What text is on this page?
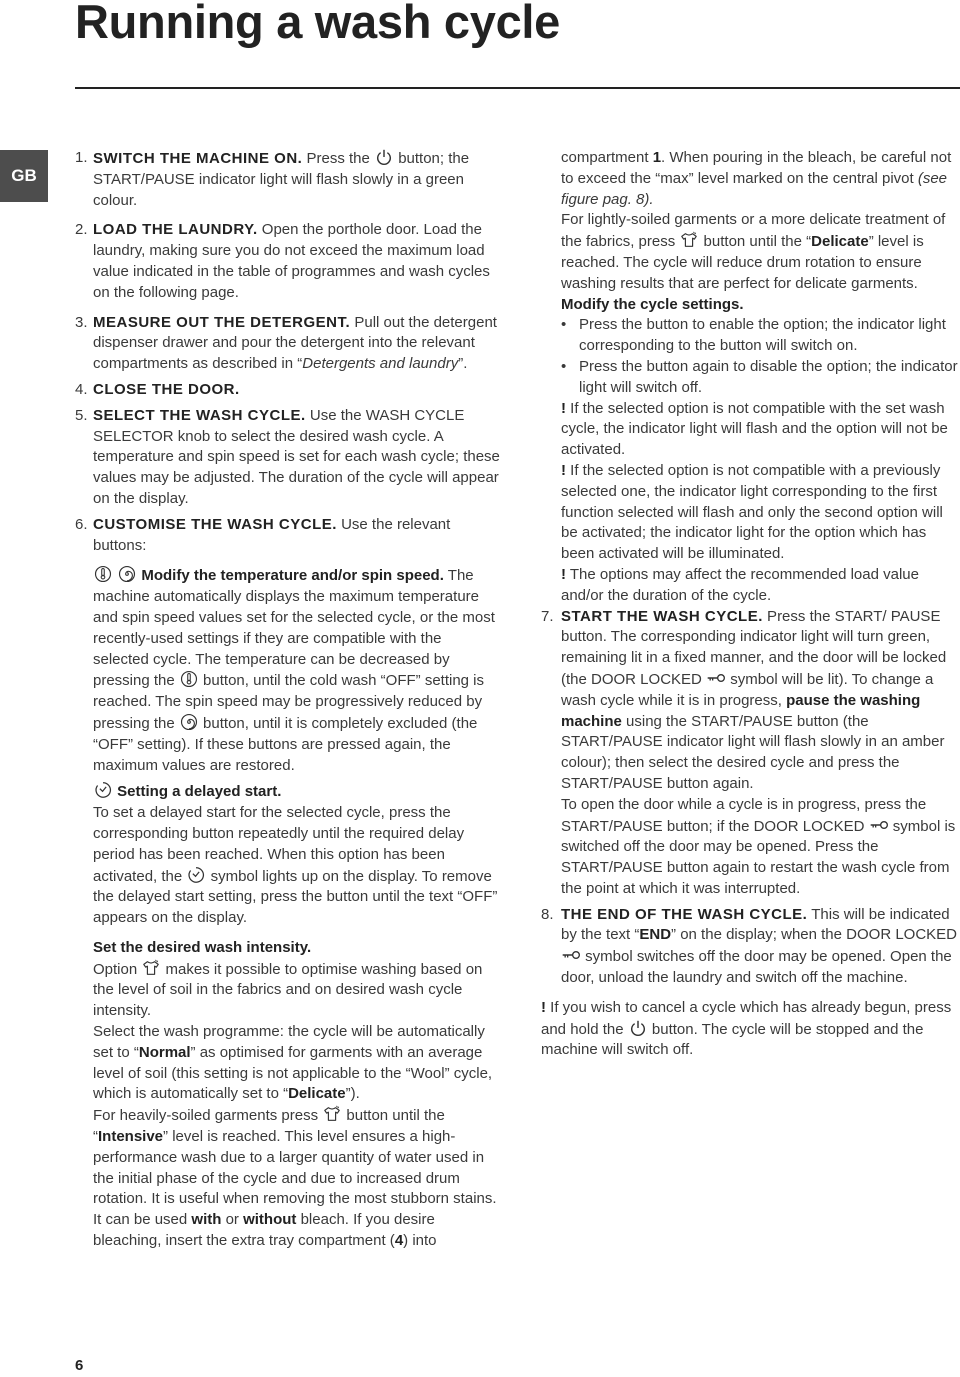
Running a wash cycle
GB
1. SWITCH THE MACHINE ON. Press the
button; the START/PAUSE indicator light will flash slowly in a green colour.
2. LOAD THE LAUNDRY. Open the porthole door. Load the laundry, making sure you do not exceed the maximum load value indicated in the table of programmes and wash cycles on the following page.
3. MEASURE OUT THE DETERGENT. Pull out the detergent dispenser drawer and pour the detergent into the relevant compartments as described in “Detergents and laundry”.
4. CLOSE THE DOOR.
5. SELECT THE WASH CYCLE. Use the WASH CYCLE SELECTOR knob to select the desired wash cycle. A temperature and spin speed is set for each wash cycle; these values may be adjusted. The duration of the cycle will appear on the display.
6. CUSTOMISE THE WASH CYCLE. Use the relevant buttons:

Modify the temperature and/or spin speed. The machine automatically displays the maximum temperature and spin speed values set for the selected cycle, or the most recently-used settings if they are compatible with the selected cycle. The temperature can be decreased by pressing the
button, until the cold wash “OFF” setting is reached. The spin speed may be progressively reduced by pressing the
button, until it is completely excluded (the “OFF” setting). If these buttons are pressed again, the maximum values are restored.
Setting a delayed start.

To set a delayed start for the selected cycle, press the corresponding button repeatedly until the required delay period has been reached. When this option has been activated, the
symbol lights up on the display. To remove the delayed start setting, press the button until the text “OFF” appears on the display.

Set the desired wash intensity.

Option
makes it possible to optimise washing based on the level of soil in the fabrics and on desired wash cycle intensity.

Select the wash programme: the cycle will be automatically set to “Normal” as optimised for garments with an average level of soil (this setting is not applicable to the “Wool” cycle, which is automatically set to “Delicate”).

For heavily-soiled garments press
button until the “Intensive” level is reached. This level ensures a high-performance wash due to a larger quantity of water used in the initial phase of the cycle and due to increased drum rotation. It is useful when removing the most stubborn stains.

It can be used with or without bleach. If you desire bleaching, insert the extra tray compartment (4) into

compartment 1. When pouring in the bleach, be careful not to exceed the “max” level marked on the central pivot (see figure pag. 8).

For lightly-soiled garments or a more delicate treatment of the fabrics, press
button until the “Delicate” level is reached. The cycle will reduce drum rotation to ensure washing results that are perfect for delicate garments.

Modify the cycle settings.

• Press the button to enable the option; the indicator light corresponding to the button will switch on.
• Press the button again to disable the option; the indicator light will switch off.

! If the selected option is not compatible with the set wash cycle, the indicator light will flash and the option will not be activated.

! If the selected option is not compatible with a previously selected one, the indicator light corresponding to the first function selected will flash and only the second option will be activated; the indicator light for the option which has been activated will be illuminated.

! The options may affect the recommended load value and/or the duration of the cycle.

7. START THE WASH CYCLE. Press the START/ PAUSE button. The corresponding indicator light will turn green, remaining lit in a fixed manner, and the door will be locked (the DOOR LOCKED
symbol will be lit). To change a wash cycle while it is in progress, pause the washing machine using the START/PAUSE button (the START/PAUSE indicator light will flash slowly in an amber colour); then select the desired cycle and press the START/PAUSE button again.

To open the door while a cycle is in progress, press the START/PAUSE button; if the DOOR LOCKED
symbol is switched off the door may be opened. Press the START/PAUSE button again to restart the wash cycle from the point at which it was interrupted.

8. THE END OF THE WASH CYCLE. This will be indicated by the text “END” on the display; when the DOOR LOCKED
symbol switches off the door may be opened. Open the door, unload the laundry and switch off the machine.

! If you wish to cancel a cycle which has already begun, press and hold the
button. The cycle will be stopped and the machine will switch off.

6
